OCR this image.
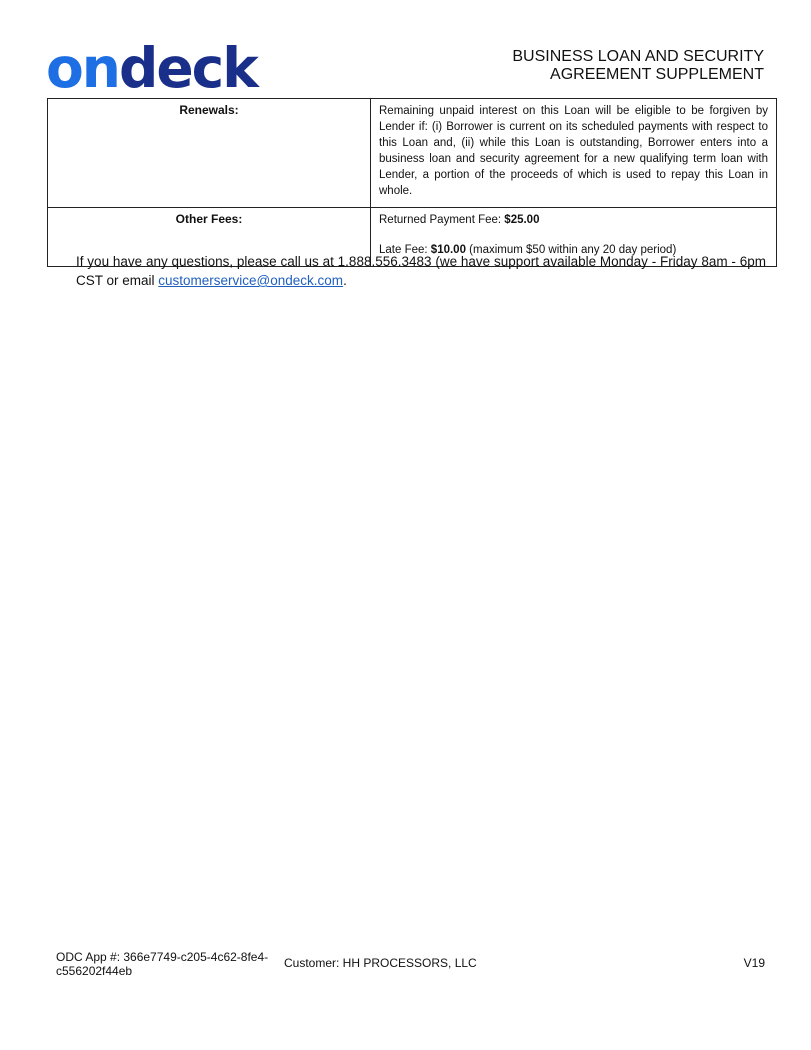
ondeck	BUSINESS LOAN AND SECURITY
AGREEMENT SUPPLEMENT
Renewals:	Remaining unpaid interest on this Loan will be eligible to be forgiven by Lender if: (i) Borrower is current on its scheduled payments with respect to this Loan and, (ii) while this Loan is outstanding, Borrower enters into a business loan and security agreement for a new qualifying term loan with Lender, a portion of the proceeds of which is used to repay this Loan in whole.

Other Fees:	Returned Payment Fee: $25.00

Late Fee: $10.00 (maximum $50 within any 20 day period)

If you have any questions, please call us at 1.888.556.3483 (we have support available Monday - Friday 8am - 6pm CST or email customerservice@ondeck.com.
ODC App #: 366e7749-c205-4c62-8fe4-c556202f44eb
Customer: HH PROCESSORS, LLC	V19
